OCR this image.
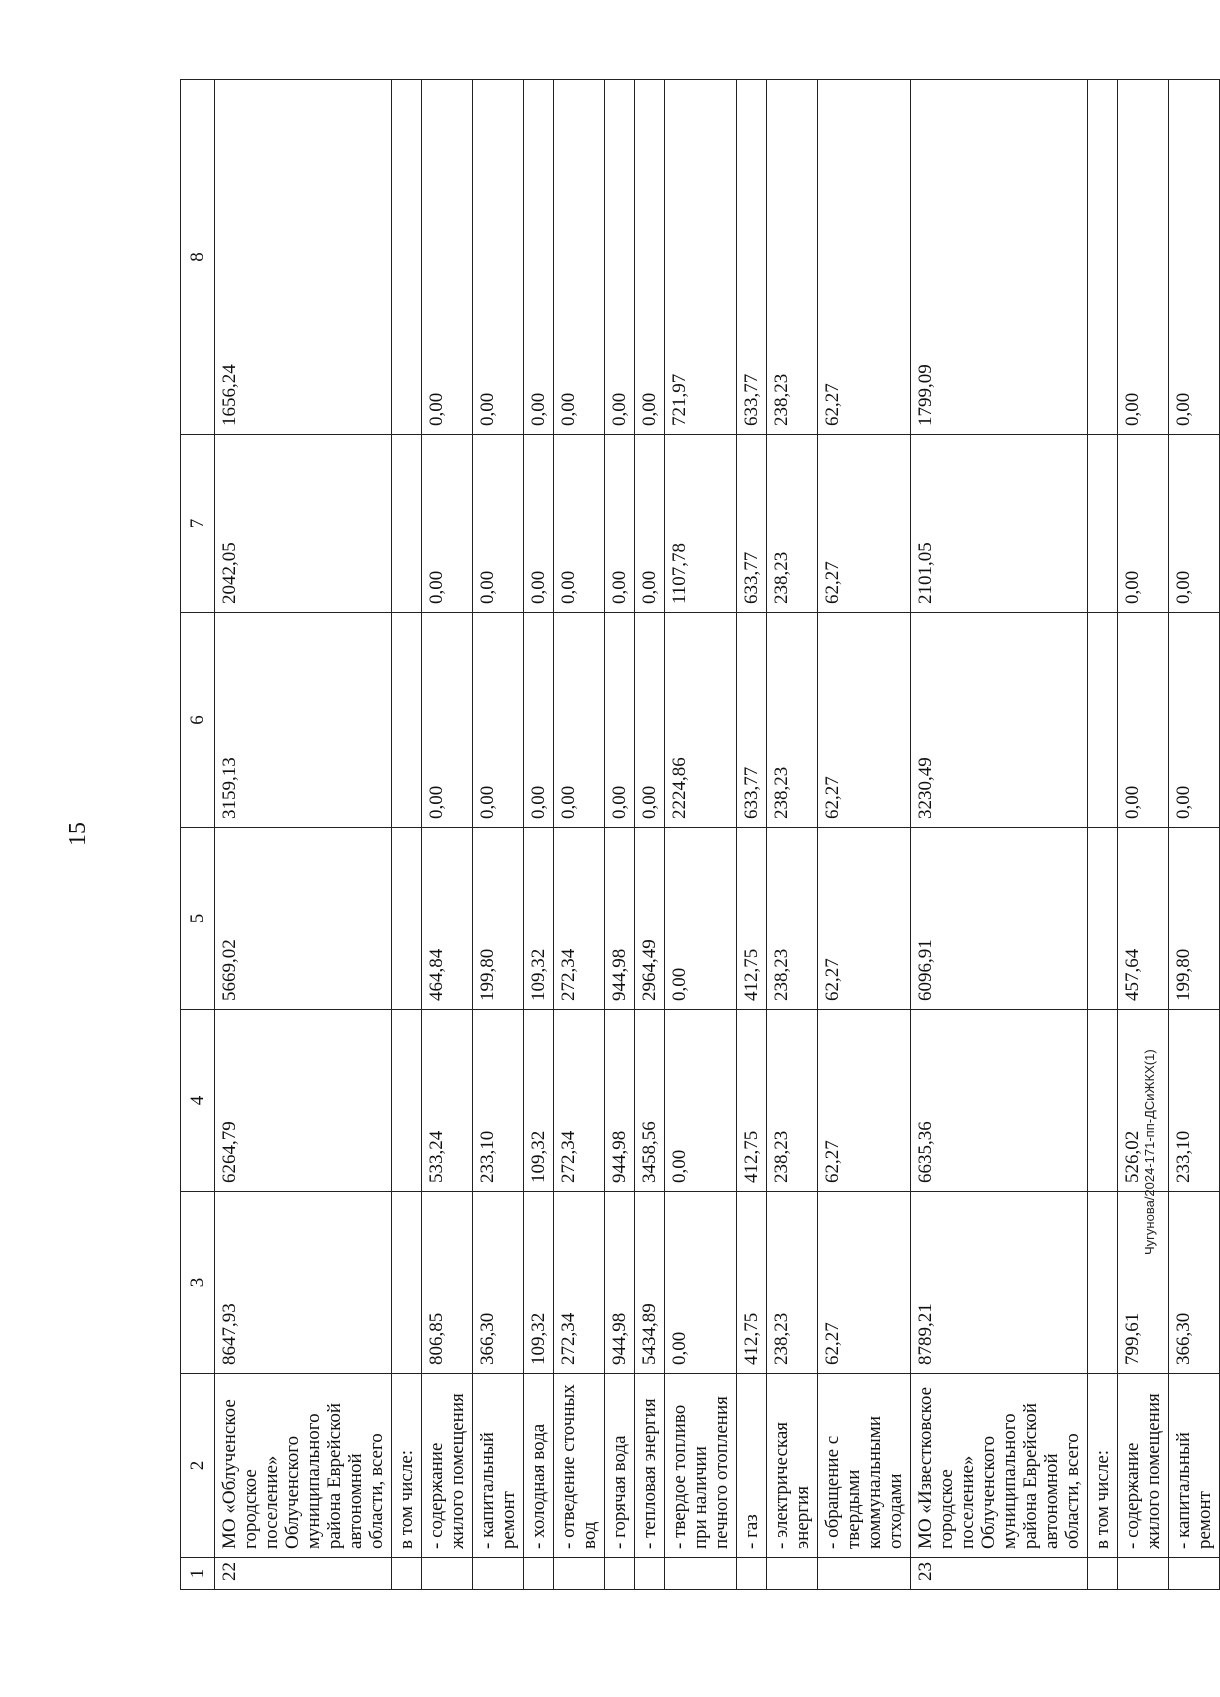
15
1	2	3	4	5	6	7	8
22	МО «Облученское городское поселение» Облученского муниципального района Еврейской автономной области, всего	8647,93	6264,79	5669,02	3159,13	2042,05	1656,24
	в том числе:						
	- содержание жилого помещения	806,85	533,24	464,84	0,00	0,00	0,00
	- капитальный ремонт	366,30	233,10	199,80	0,00	0,00	0,00
	- холодная вода	109,32	109,32	109,32	0,00	0,00	0,00
	- отведение сточных вод	272,34	272,34	272,34	0,00	0,00	0,00
	- горячая вода	944,98	944,98	944,98	0,00	0,00	0,00
	- тепловая энергия	5434,89	3458,56	2964,49	0,00	0,00	0,00
	- твердое топливо при наличии печного отопления	0,00	0,00	0,00	2224,86	1107,78	721,97
	- газ	412,75	412,75	412,75	633,77	633,77	633,77
	- электрическая энергия	238,23	238,23	238,23	238,23	238,23	238,23
	- обращение с твердыми коммунальными отходами	62,27	62,27	62,27	62,27	62,27	62,27
23	МО «Известковское городское поселение» Облученского муниципального района Еврейской автономной области, всего	8789,21	6635,36	6096,91	3230,49	2101,05	1799,09
	в том числе:						
	- содержание жилого помещения	799,61	526,02	457,64	0,00	0,00	0,00
	- капитальный ремонт	366,30	233,10	199,80	0,00	0,00	0,00
Чугунова/2024-171-пп-ДСиЖКХ(1)
